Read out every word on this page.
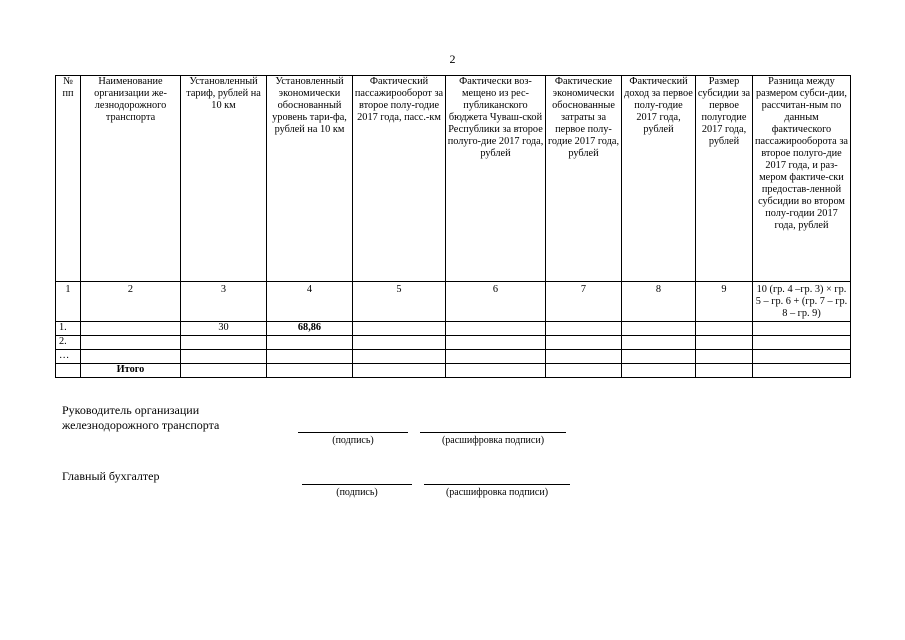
2
№ пп	Наименование организации же-лезнодорожного транспорта	Установленный тариф, рублей на 10 км	Установленный экономически обоснованный уровень тари-фа, рублей на 10 км	Фактический пассажирооборот за второе полу-годие 2017 года, пасс.-км	Фактически воз-мещено из рес-публиканского бюджета Чуваш-ской Республики за второе полуго-дие 2017 года, рублей	Фактические экономически обоснованные затраты за первое полу-годие 2017 года, рублей	Фактический доход за первое полу-годие 2017 года, рублей	Размер субсидии за первое полугодие 2017 года, рублей	Разница между размером субси-дии, рассчитан-ным по данным фактического пассажирооборота за второе полуго-дие 2017 года, и раз-мером фактиче-ски предостав-ленной субсидии во втором полу-годии 2017 года, рублей
1	2	3	4	5	6	7	8	9	10 (гр. 4 –гр. 3) × гр. 5 – гр. 6 + (гр. 7 – гр. 8 – гр. 9)
1.		30	68,86						
2.									
…									
	Итого								
Руководитель организации железнодорожного транспорта
(подпись)	(расшифровка подписи)
Главный бухгалтер
(подпись)	(расшифровка подписи)
